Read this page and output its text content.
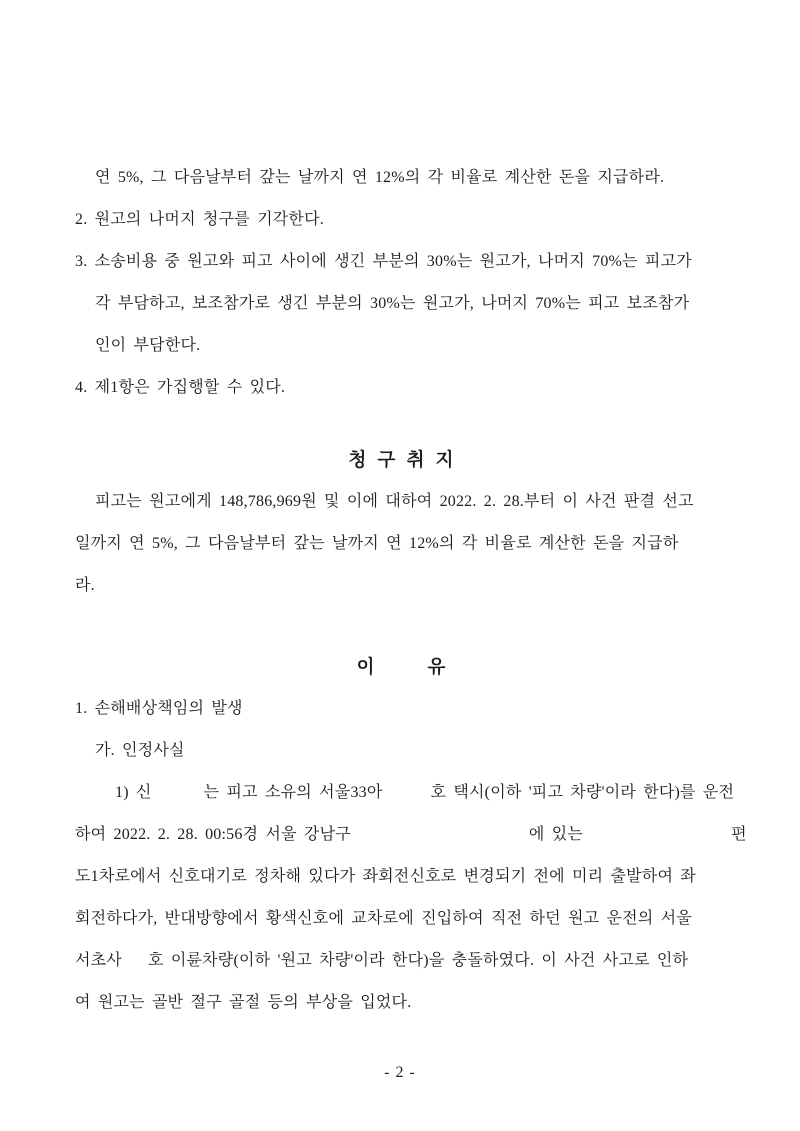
연 5%, 그 다음날부터 갚는 날까지 연 12%의 각 비율로 계산한 돈을 지급하라.
2. 원고의 나머지 청구를 기각한다.
3. 소송비용 중 원고와 피고 사이에 생긴 부분의 30%는 원고가, 나머지 70%는 피고가
각 부담하고, 보조참가로 생긴 부분의 30%는 원고가, 나머지 70%는 피고 보조참가
인이 부담한다.
4. 제1항은 가집행할 수 있다.
청 구 취 지
피고는 원고에게 148,786,969원 및 이에 대하여 2022. 2. 28.부터 이 사건 판결 선고
일까지 연 5%, 그 다음날부터 갚는 날까지 연 12%의 각 비율로 계산한 돈을 지급하
라.
이	유
1. 손해배상책임의 발생
가. 인정사실
1) 신	는 피고 소유의 서울33아	호 택시(이하 '피고 차량'이라 한다)를 운전
하여 2022. 2. 28. 00:56경 서울 강남구	에 있는	편
도1차로에서 신호대기로 정차해 있다가 좌회전신호로 변경되기 전에 미리 출발하여 좌
회전하다가, 반대방향에서 황색신호에 교차로에 진입하여 직전 하던 원고 운전의 서울
서초사 호 이륜차량(이하 '원고 차량'이라 한다)을 충돌하였다. 이 사건 사고로 인하
여 원고는 골반 절구 골절 등의 부상을 입었다.
- 2 -
